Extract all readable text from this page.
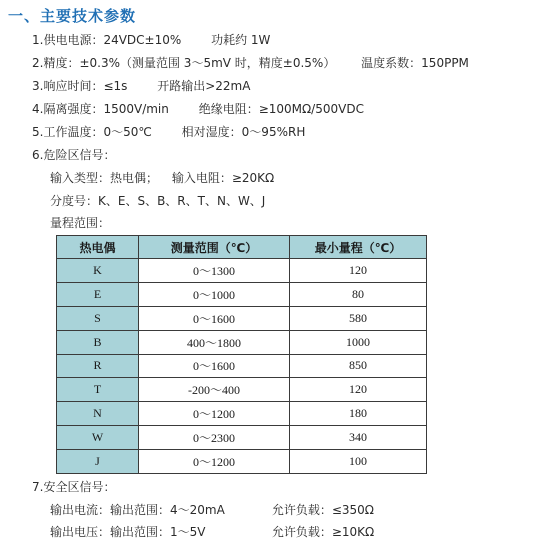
一、主要技术参数
1.供电电源：24VDC±10% 功耗约 1W
2.精度：±0.3%（测量范围 3～5mV 时，精度±0.5%） 温度系数：150PPM
3.响应时间：≤1s 开路输出>22mA
4.隔离强度：1500V/min 绝缘电阻：≥100MΩ/500VDC
5.工作温度：0～50℃ 相对湿度：0～95%RH
6.危险区信号：
输入类型：热电偶； 输入电阻：≥20KΩ
分度号：K、E、S、B、R、T、N、W、J
量程范围：
热电偶	测量范围（℃）	最小量程（℃）
K	0～1300	120
E	0～1000	80
S	0～1600	580
B	400～1800	1000
R	0～1600	850
T	-200～400	120
N	0～1200	180
W	0～2300	340
J	0～1200	100
7.安全区信号：
输出电流：输出范围：4～20mA	允许负载：≤350Ω
输出电压：输出范围：1～5V	允许负载：≥10KΩ
